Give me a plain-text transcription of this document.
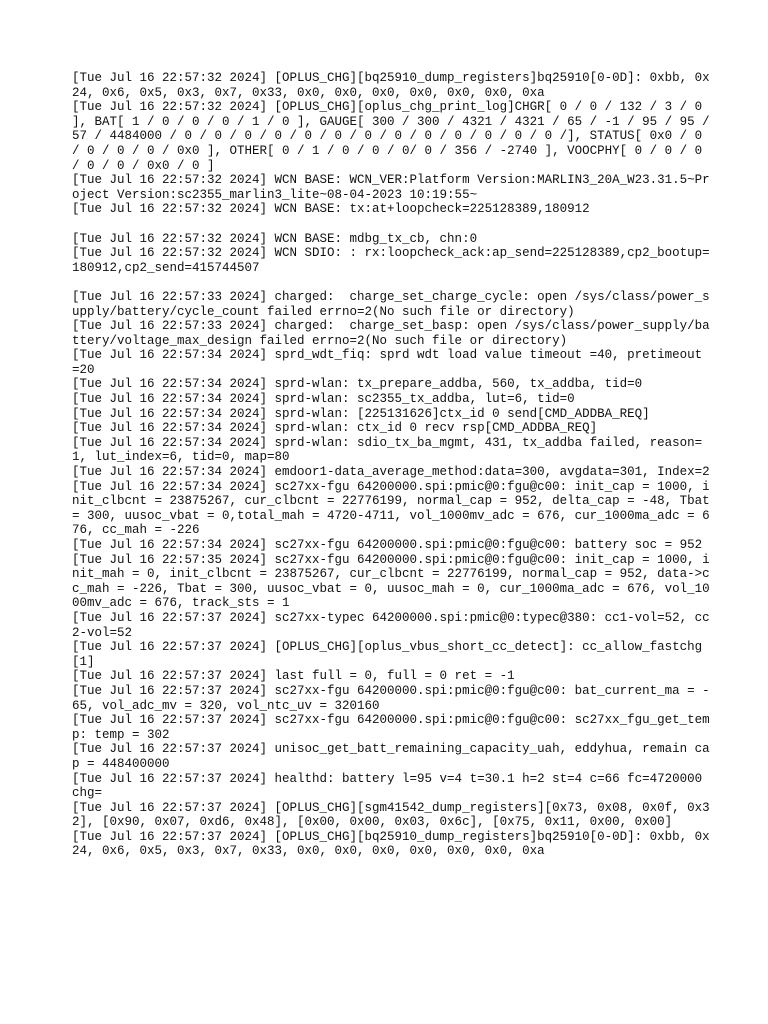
[Tue Jul 16 22:57:32 2024] [OPLUS_CHG][bq25910_dump_registers]bq25910[0-0D]: 0xbb, 0x24, 0x6, 0x5, 0x3, 0x7, 0x33, 0x0, 0x0, 0x0, 0x0, 0x0, 0x0, 0xa

[Tue Jul 16 22:57:32 2024] [OPLUS_CHG][oplus_chg_print_log]CHGR[ 0 / 0 / 132 / 3 / 0 ], BAT[ 1 / 0 / 0 / 0 / 1 / 0 ], GAUGE[ 300 / 300 / 4321 / 4321 / 65 / -1 / 95 / 95 / 57 / 4484000 / 0 / 0 / 0 / 0 / 0 / 0 / 0 / 0 / 0 / 0 / 0 / 0 / 0 /], STATUS[ 0x0 / 0 / 0 / 0 / 0 / 0x0 ], OTHER[ 0 / 1 / 0 / 0 / 0/ 0 / 356 / -2740 ], VOOCPHY[ 0 / 0 / 0 / 0 / 0 / 0x0 / 0 ]

[Tue Jul 16 22:57:32 2024] WCN BASE: WCN_VER:Platform Version:MARLIN3_20A_W23.31.5~Project Version:sc2355_marlin3_lite~08-04-2023 10:19:55~

[Tue Jul 16 22:57:32 2024] WCN BASE: tx:at+loopcheck=225128389,180912

[Tue Jul 16 22:57:32 2024] WCN BASE: mdbg_tx_cb, chn:0

[Tue Jul 16 22:57:32 2024] WCN SDIO: : rx:loopcheck_ack:ap_send=225128389,cp2_bootup=180912,cp2_send=415744507

[Tue Jul 16 22:57:33 2024] charged:  charge_set_charge_cycle: open /sys/class/power_supply/battery/cycle_count failed errno=2(No such file or directory)

[Tue Jul 16 22:57:33 2024] charged:  charge_set_basp: open /sys/class/power_supply/battery/voltage_max_design failed errno=2(No such file or directory)

[Tue Jul 16 22:57:34 2024] sprd_wdt_fiq: sprd wdt load value timeout =40, pretimeout =20

[Tue Jul 16 22:57:34 2024] sprd-wlan: tx_prepare_addba, 560, tx_addba, tid=0

[Tue Jul 16 22:57:34 2024] sprd-wlan: sc2355_tx_addba, lut=6, tid=0

[Tue Jul 16 22:57:34 2024] sprd-wlan: [225131626]ctx_id 0 send[CMD_ADDBA_REQ]

[Tue Jul 16 22:57:34 2024] sprd-wlan: ctx_id 0 recv rsp[CMD_ADDBA_REQ]

[Tue Jul 16 22:57:34 2024] sprd-wlan: sdio_tx_ba_mgmt, 431, tx_addba failed, reason=1, lut_index=6, tid=0, map=80

[Tue Jul 16 22:57:34 2024] emdoor1-data_average_method:data=300, avgdata=301, Index=2

[Tue Jul 16 22:57:34 2024] sc27xx-fgu 64200000.spi:pmic@0:fgu@c00: init_cap = 1000, init_clbcnt = 23875267, cur_clbcnt = 22776199, normal_cap = 952, delta_cap = -48, Tbat  = 300, uusoc_vbat = 0,total_mah = 4720-4711, vol_1000mv_adc = 676, cur_1000ma_adc = 676, cc_mah = -226

[Tue Jul 16 22:57:34 2024] sc27xx-fgu 64200000.spi:pmic@0:fgu@c00: battery soc = 952

[Tue Jul 16 22:57:35 2024] sc27xx-fgu 64200000.spi:pmic@0:fgu@c00: init_cap = 1000, init_mah = 0, init_clbcnt = 23875267, cur_clbcnt = 22776199, normal_cap = 952, data->cc_mah = -226, Tbat = 300, uusoc_vbat = 0, uusoc_mah = 0, cur_1000ma_adc = 676, vol_1000mv_adc = 676, track_sts = 1

[Tue Jul 16 22:57:37 2024] sc27xx-typec 64200000.spi:pmic@0:typec@380: cc1-vol=52, cc2-vol=52

[Tue Jul 16 22:57:37 2024] [OPLUS_CHG][oplus_vbus_short_cc_detect]: cc_allow_fastchg [1]

[Tue Jul 16 22:57:37 2024] last full = 0, full = 0 ret = -1

[Tue Jul 16 22:57:37 2024] sc27xx-fgu 64200000.spi:pmic@0:fgu@c00: bat_current_ma = -65, vol_adc_mv = 320, vol_ntc_uv = 320160

[Tue Jul 16 22:57:37 2024] sc27xx-fgu 64200000.spi:pmic@0:fgu@c00: sc27xx_fgu_get_temp: temp = 302

[Tue Jul 16 22:57:37 2024] unisoc_get_batt_remaining_capacity_uah, eddyhua, remain cap = 448400000

[Tue Jul 16 22:57:37 2024] healthd: battery l=95 v=4 t=30.1 h=2 st=4 c=66 fc=4720000 chg=

[Tue Jul 16 22:57:37 2024] [OPLUS_CHG][sgm41542_dump_registers][0x73, 0x08, 0x0f, 0x32], [0x90, 0x07, 0xd6, 0x48], [0x00, 0x00, 0x03, 0x6c], [0x75, 0x11, 0x00, 0x00]

[Tue Jul 16 22:57:37 2024] [OPLUS_CHG][bq25910_dump_registers]bq25910[0-0D]: 0xbb, 0x24, 0x6, 0x5, 0x3, 0x7, 0x33, 0x0, 0x0, 0x0, 0x0, 0x0, 0x0, 0xa
